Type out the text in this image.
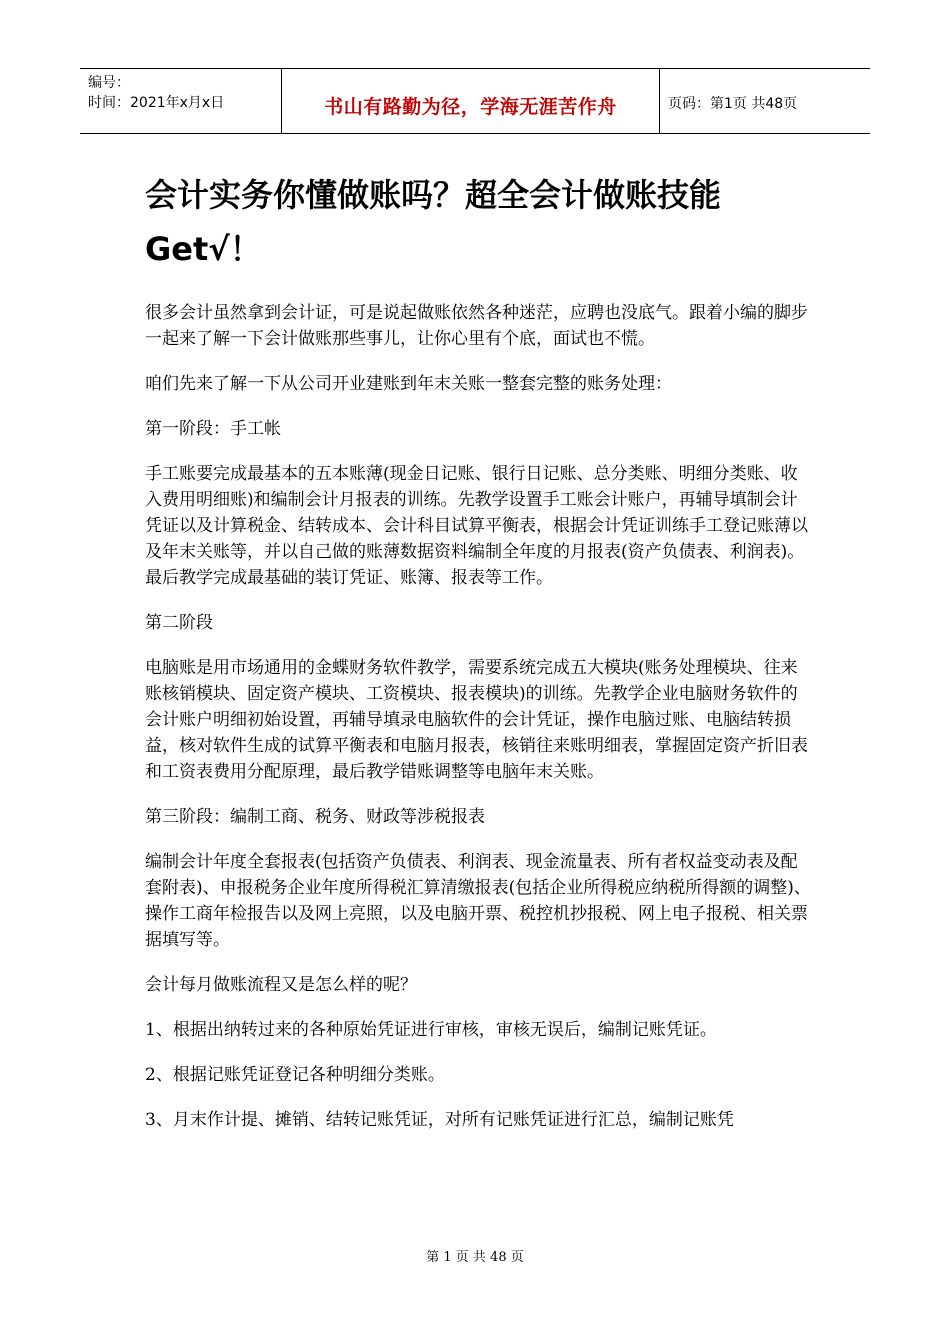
编号：
时间：2021年x月x日	书山有路勤为径，学海无涯苦作舟	页码：第1页 共48页
会计实务你懂做账吗？超全会计做账技能
Get√！

很多会计虽然拿到会计证，可是说起做账依然各种迷茫，应聘也没底气。跟着小编的脚步一起来了解一下会计做账那些事儿，让你心里有个底，面试也不慌。

咱们先来了解一下从公司开业建账到年末关账一整套完整的账务处理：

第一阶段：手工帐

手工账要完成最基本的五本账薄(现金日记账、银行日记账、总分类账、明细分类账、收入费用明细账)和编制会计月报表的训练。先教学设置手工账会计账户，再辅导填制会计凭证以及计算税金、结转成本、会计科目试算平衡表，根据会计凭证训练手工登记账薄以及年末关账等，并以自己做的账薄数据资料编制全年度的月报表(资产负债表、利润表)。最后教学完成最基础的装订凭证、账簿、报表等工作。

第二阶段

电脑账是用市场通用的金蝶财务软件教学，需要系统完成五大模块(账务处理模块、往来账核销模块、固定资产模块、工资模块、报表模块)的训练。先教学企业电脑财务软件的会计账户明细初始设置，再辅导填录电脑软件的会计凭证，操作电脑过账、电脑结转损益，核对软件生成的试算平衡表和电脑月报表，核销往来账明细表，掌握固定资产折旧表和工资表费用分配原理，最后教学错账调整等电脑年末关账。

第三阶段：编制工商、税务、财政等涉税报表

编制会计年度全套报表(包括资产负债表、利润表、现金流量表、所有者权益变动表及配套附表)、申报税务企业年度所得税汇算清缴报表(包括企业所得税应纳税所得额的调整)、操作工商年检报告以及网上亮照，以及电脑开票、税控机抄报税、网上电子报税、相关票据填写等。

会计每月做账流程又是怎么样的呢？

1、根据出纳转过来的各种原始凭证进行审核，审核无误后，编制记账凭证。

2、根据记账凭证登记各种明细分类账。

3、月末作计提、摊销、结转记账凭证，对所有记账凭证进行汇总，编制记账凭

第 1 页 共 48 页
